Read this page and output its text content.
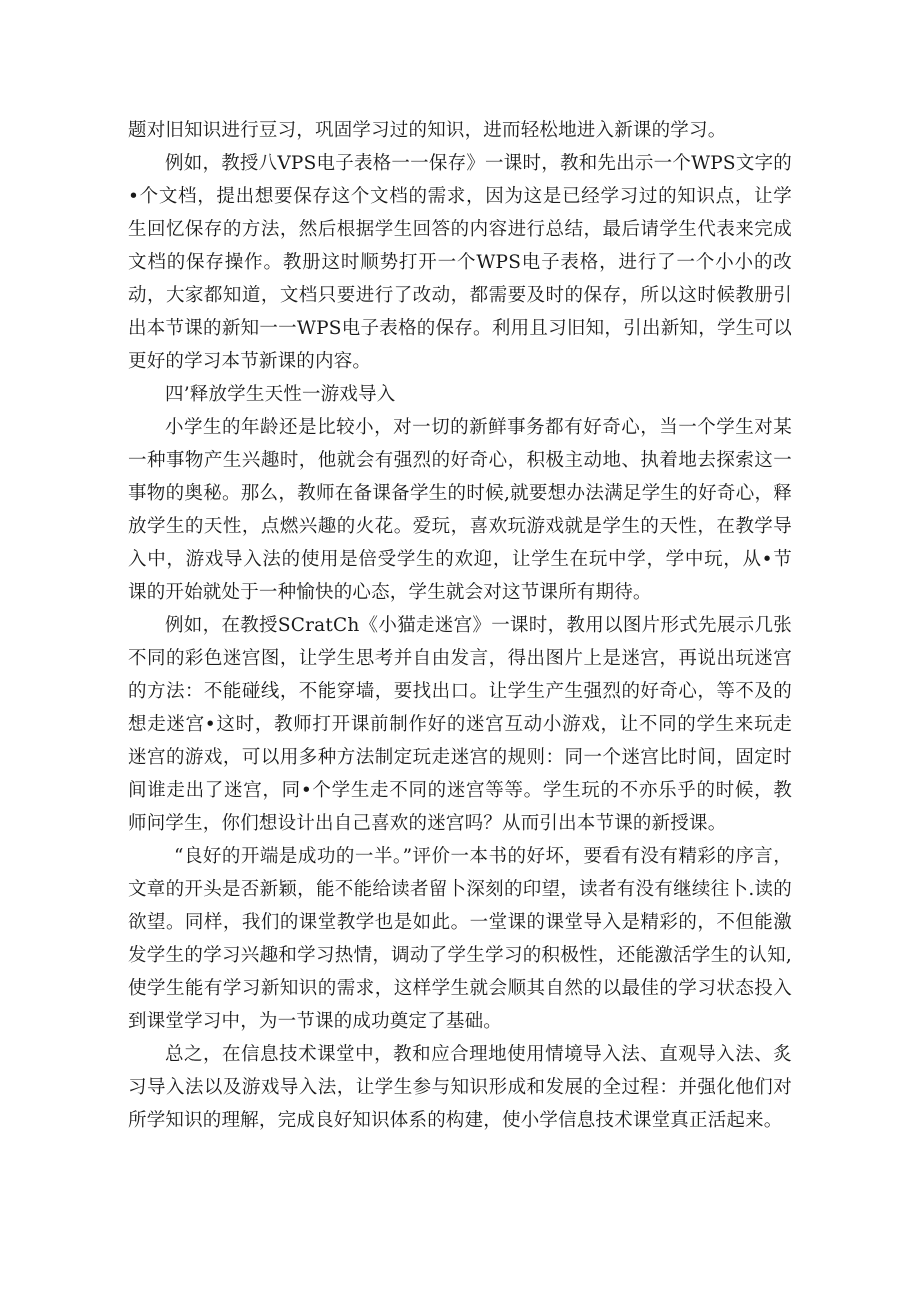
题对旧知识进行豆习，巩固学习过的知识，进而轻松地进入新课的学习。

例如，教授八VPS电子表格一一保存》一课时，教和先出示一个WPS文字的•个文档，提出想要保存这个文档的需求，因为这是已经学习过的知识点，让学生回忆保存的方法，然后根据学生回答的内容进行总结，最后请学生代表来完成文档的保存操作。教册这时顺势打开一个WPS电子表格，进行了一个小小的改动，大家都知道，文档只要进行了改动，都需要及时的保存，所以这时候教册引出本节课的新知一一WPS电子表格的保存。利用且习旧知，引出新知，学生可以更好的学习本节新课的内容。

四’释放学生天性一游戏导入

小学生的年龄还是比较小，对一切的新鲜事务都有好奇心，当一个学生对某一种事物产生兴趣时，他就会有强烈的好奇心，积极主动地、执着地去探索这一事物的奥秘。那么，教师在备课备学生的时候,就要想办法满足学生的好奇心，释放学生的天性，点燃兴趣的火花。爱玩，喜欢玩游戏就是学生的天性，在教学导入中，游戏导入法的使用是倍受学生的欢迎，让学生在玩中学，学中玩，从•节课的开始就处于一种愉快的心态，学生就会对这节课所有期待。

例如，在教授SCratCh《小猫走迷宫》一课时，教用以图片形式先展示几张不同的彩色迷宫图，让学生思考并自由发言，得出图片上是迷宫，再说出玩迷宫的方法：不能碰线，不能穿墙，要找出口。让学生产生强烈的好奇心，等不及的想走迷宫•这时，教师打开课前制作好的迷宫互动小游戏，让不同的学生来玩走迷宫的游戏，可以用多种方法制定玩走迷宫的规则：同一个迷宫比时间，固定时间谁走出了迷宫，同•个学生走不同的迷宫等等。学生玩的不亦乐乎的时候，教师问学生，你们想设计出自己喜欢的迷宫吗？从而引出本节课的新授课。

“良好的开端是成功的一半。”评价一本书的好坏，要看有没有精彩的序言，文章的开头是否新颖，能不能给读者留卜深刻的印望，读者有没有继续往卜.读的欲望。同样，我们的课堂教学也是如此。一堂课的课堂导入是精彩的，不但能激发学生的学习兴趣和学习热情，调动了学生学习的积极性，还能激活学生的认知,使学生能有学习新知识的需求，这样学生就会顺其自然的以最佳的学习状态投入到课堂学习中，为一节课的成功奠定了基础。

总之，在信息技术课堂中，教和应合理地使用情境导入法、直观导入法、炙习导入法以及游戏导入法，让学生参与知识形成和发展的全过程：并强化他们对所学知识的理解，完成良好知识体系的构建，使小学信息技术课堂真正活起来。
